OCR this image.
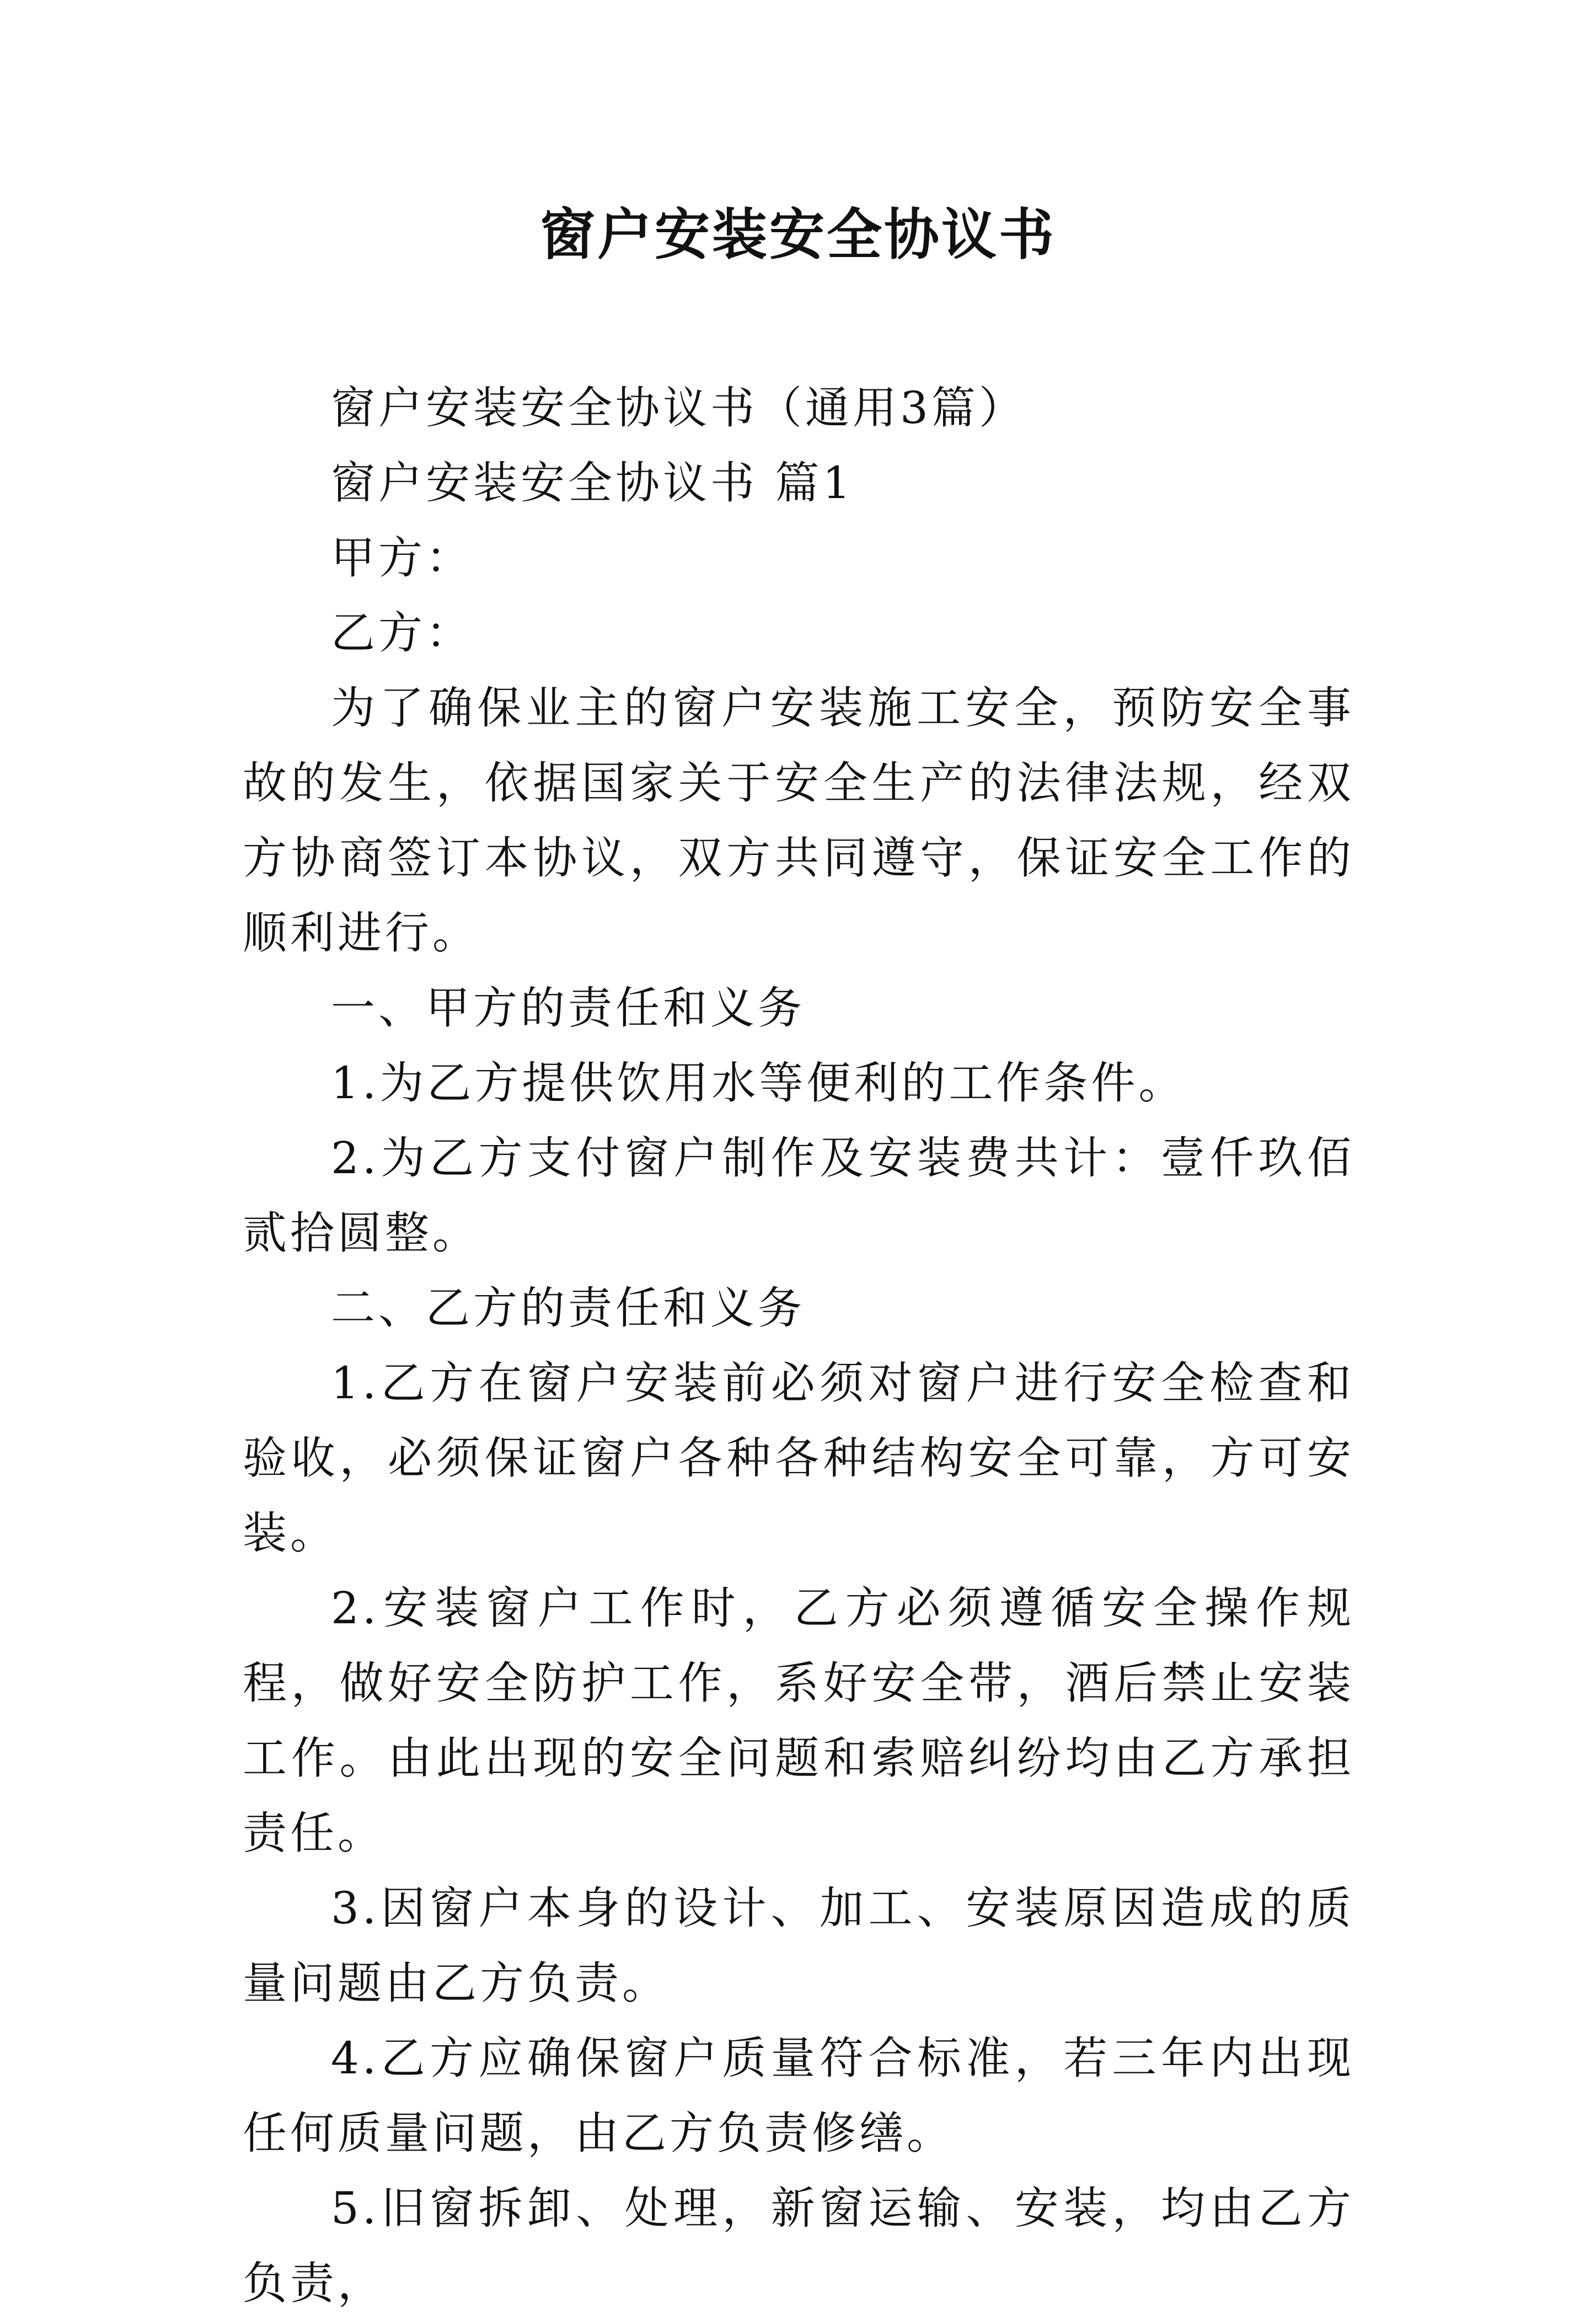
窗户安装安全协议书

窗户安装安全协议书（通用3篇）

窗户安装安全协议书 篇1

甲方：

乙方：

为了确保业主的窗户安装施工安全，预防安全事故的发生，依据国家关于安全生产的法律法规，经双方协商签订本协议，双方共同遵守，保证安全工作的顺利进行。

一、甲方的责任和义务

1.为乙方提供饮用水等便利的工作条件。

2.为乙方支付窗户制作及安装费共计：壹仟玖佰贰拾圆整。

二、乙方的责任和义务

1.乙方在窗户安装前必须对窗户进行安全检查和验收，必须保证窗户各种各种结构安全可靠，方可安装。

2.安装窗户工作时，乙方必须遵循安全操作规程，做好安全防护工作，系好安全带，酒后禁止安装工作。由此出现的安全问题和索赔纠纷均由乙方承担责任。

3.因窗户本身的设计、加工、安装原因造成的质量问题由乙方负责。

4.乙方应确保窗户质量符合标准，若三年内出现任何质量问题，由乙方负责修缮。

5.旧窗拆卸、处理，新窗运输、安装，均由乙方负责，
